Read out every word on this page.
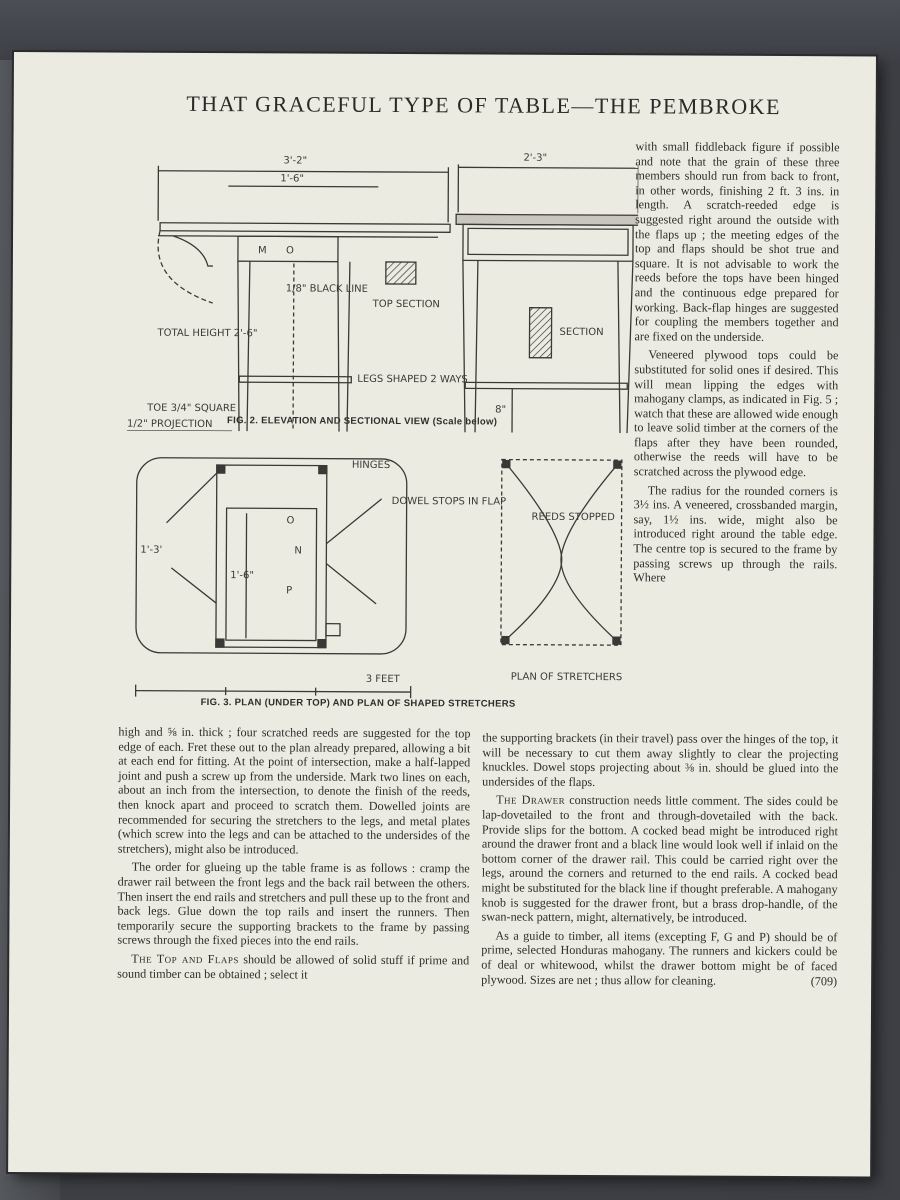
THAT GRACEFUL TYPE OF TABLE—THE PEMBROKE
3'-2"
1'-6"
2'-3"
M O
1/8" BLACK LINE
TOP SECTION
SECTION
TOTAL HEIGHT 2'-6"
LEGS SHAPED 2 WAYS
TOE 3/4" SQUARE
1/2" PROJECTION
8"
FIG. 2. ELEVATION AND SECTIONAL VIEW (Scale below)
HINGES
DOWEL STOPS IN FLAP
O
N
P
1'-3'
1'-6"
REEDS STOPPED
PLAN OF STRETCHERS
3 FEET
FIG. 3. PLAN (UNDER TOP) AND PLAN OF SHAPED STRETCHERS

with small fiddleback figure if possible and note that the grain of these three members should run from back to front, in other words, finishing 2 ft. 3 ins. in length. A scratch-reeded edge is suggested right around the outside with the flaps up ; the meeting edges of the top and flaps should be shot true and square. It is not advisable to work the reeds before the tops have been hinged and the continuous edge prepared for working. Back-flap hinges are suggested for coupling the members together and are fixed on the underside.

Veneered plywood tops could be substituted for solid ones if desired. This will mean lipping the edges with mahogany clamps, as indicated in Fig. 5 ; watch that these are allowed wide enough to leave solid timber at the corners of the flaps after they have been rounded, otherwise the reeds will have to be scratched across the plywood edge.

The radius for the rounded corners is 3½ ins. A veneered, crossbanded margin, say, 1½ ins. wide, might also be introduced right around the table edge. The centre top is secured to the frame by passing screws up through the rails. Where

high and ⅝ in. thick ; four scratched reeds are suggested for the top edge of each. Fret these out to the plan already prepared, allowing a bit at each end for fitting. At the point of intersection, make a half-lapped joint and push a screw up from the underside. Mark two lines on each, about an inch from the intersection, to denote the finish of the reeds, then knock apart and proceed to scratch them. Dowelled joints are recommended for securing the stretchers to the legs, and metal plates (which screw into the legs and can be attached to the undersides of the stretchers), might also be introduced.

The order for glueing up the table frame is as follows : cramp the drawer rail between the front legs and the back rail between the others. Then insert the end rails and stretchers and pull these up to the front and back legs. Glue down the top rails and insert the runners. Then temporarily secure the supporting brackets to the frame by passing screws through the fixed pieces into the end rails.

The Top and Flaps should be allowed of solid stuff if prime and sound timber can be obtained ; select it

the supporting brackets (in their travel) pass over the hinges of the top, it will be necessary to cut them away slightly to clear the projecting knuckles. Dowel stops projecting about ⅜ in. should be glued into the undersides of the flaps.

The Drawer construction needs little comment. The sides could be lap-dovetailed to the front and through-dovetailed with the back. Provide slips for the bottom. A cocked bead might be introduced right around the drawer front and a black line would look well if inlaid on the bottom corner of the drawer rail. This could be carried right over the legs, around the corners and returned to the end rails. A cocked bead might be substituted for the black line if thought preferable. A mahogany knob is suggested for the drawer front, but a brass drop-handle, of the swan-neck pattern, might, alternatively, be introduced.

As a guide to timber, all items (excepting F, G and P) should be of prime, selected Honduras mahogany. The runners and kickers could be of deal or whitewood, whilst the drawer bottom might be of faced plywood. Sizes are net ; thus allow for cleaning.	(709)
